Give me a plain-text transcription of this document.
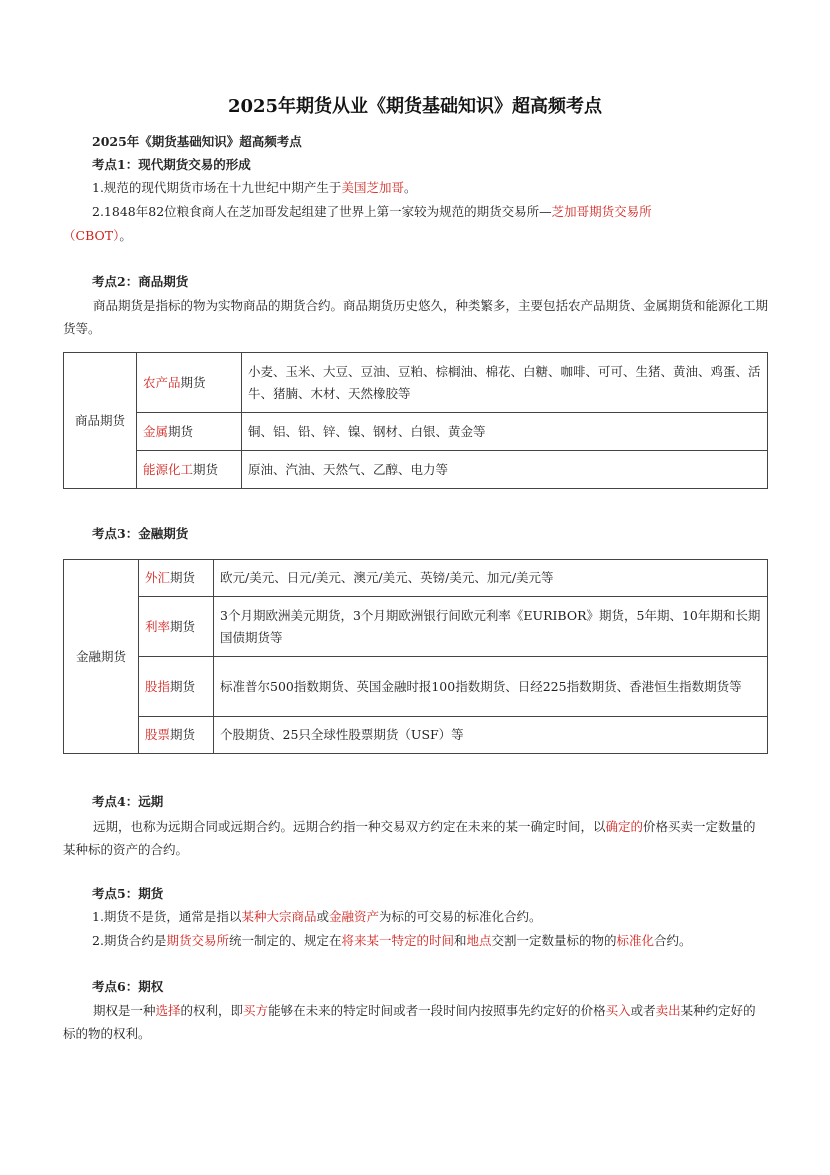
2025年期货从业《期货基础知识》超高频考点
2025年《期货基础知识》超高频考点
考点1：现代期货交易的形成
1.规范的现代期货市场在十九世纪中期产生于美国芝加哥。
2.1848年82位粮食商人在芝加哥发起组建了世界上第一家较为规范的期货交易所—芝加哥期货交易所
（CBOT）。
考点2：商品期货
商品期货是指标的物为实物商品的期货合约。商品期货历史悠久，种类繁多，主要包括农产品期货、金属期货和能源化工期货等。
商品期货	农产品期货	小麦、玉米、大豆、豆油、豆粕、棕榈油、棉花、白糖、咖啡、可可、生猪、黄油、鸡蛋、活牛、猪腩、木材、天然橡胶等
	金属期货	铜、铝、铅、锌、镍、钢材、白银、黄金等
	能源化工期货	原油、汽油、天然气、乙醇、电力等
考点3：金融期货
金融期货	外汇期货	欧元/美元、日元/美元、澳元/美元、英镑/美元、加元/美元等
	利率期货	3个月期欧洲美元期货，3个月期欧洲银行间欧元利率《EURIBOR》期货，5年期、10年期和长期国债期货等
	股指期货	标准普尔500指数期货、英国金融时报100指数期货、日经225指数期货、香港恒生指数期货等
	股票期货	个股期货、25只全球性股票期货（USF）等
考点4：远期
远期，也称为远期合同或远期合约。远期合约指一种交易双方约定在未来的某一确定时间，以确定的价格买卖一定数量的某种标的资产的合约。
考点5：期货
1.期货不是货，通常是指以某种大宗商品或金融资产为标的可交易的标准化合约。
2.期货合约是期货交易所统一制定的、规定在将来某一特定的时间和地点交割一定数量标的物的标准化合约。
考点6：期权
期权是一种选择的权利，即买方能够在未来的特定时间或者一段时间内按照事先约定好的价格买入或者卖出某种约定好的标的物的权利。
